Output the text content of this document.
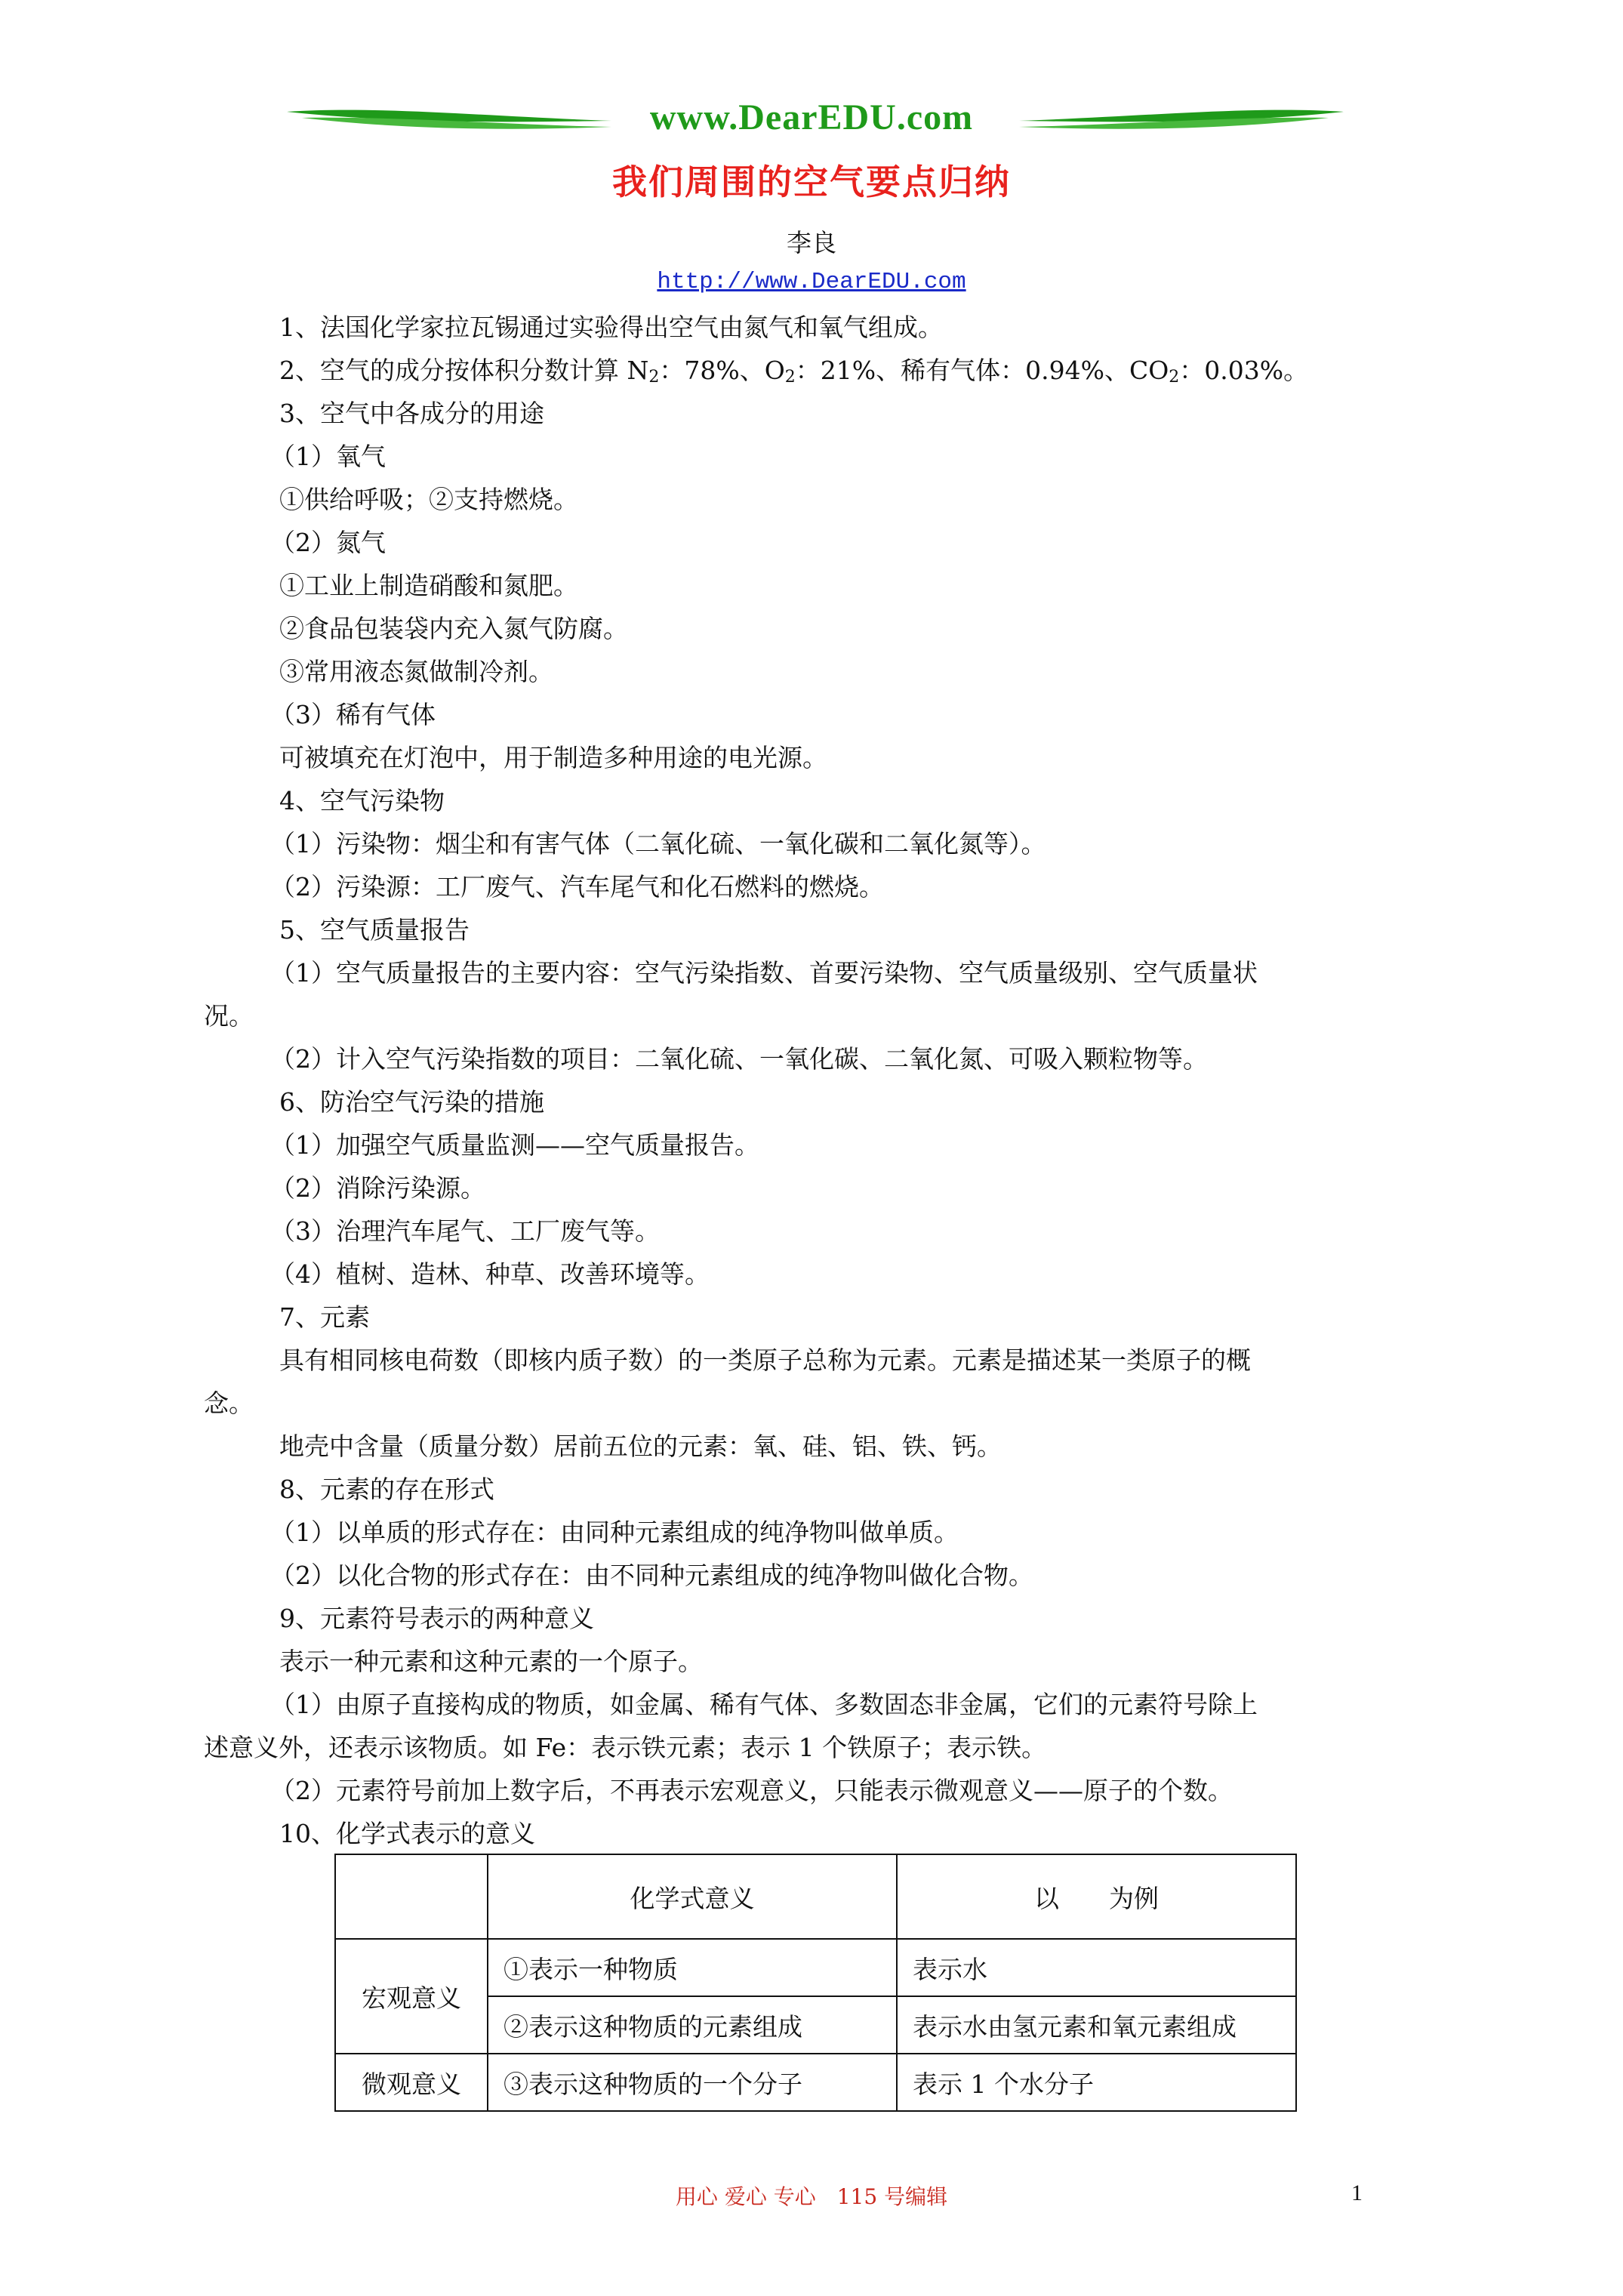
www.DearEDU.com
我们周围的空气要点归纳
李良
http://www.DearEDU.com
1、法国化学家拉瓦锡通过实验得出空气由氮气和氧气组成。
2、空气的成分按体积分数计算 $N_2$：78%、$O_2$：21%、稀有气体：0.94%、$CO_2$：0.03%。
3、空气中各成分的用途
（1）氧气
①供给呼吸；②支持燃烧。
（2）氮气
①工业上制造硝酸和氮肥。
②食品包装袋内充入氮气防腐。
③常用液态氮做制冷剂。
（3）稀有气体
可被填充在灯泡中，用于制造多种用途的电光源。
4、空气污染物
（1）污染物：烟尘和有害气体（二氧化硫、一氧化碳和二氧化氮等）。
（2）污染源：工厂废气、汽车尾气和化石燃料的燃烧。
5、空气质量报告
（1）空气质量报告的主要内容：空气污染指数、首要污染物、空气质量级别、空气质量状
况。
（2）计入空气污染指数的项目：二氧化硫、一氧化碳、二氧化氮、可吸入颗粒物等。
6、防治空气污染的措施
（1）加强空气质量监测——空气质量报告。
（2）消除污染源。
（3）治理汽车尾气、工厂废气等。
（4）植树、造林、种草、改善环境等。
7、元素
具有相同核电荷数（即核内质子数）的一类原子总称为元素。元素是描述某一类原子的概
念。
地壳中含量（质量分数）居前五位的元素：氧、硅、铝、铁、钙。
8、元素的存在形式
（1）以单质的形式存在：由同种元素组成的纯净物叫做单质。
（2）以化合物的形式存在：由不同种元素组成的纯净物叫做化合物。
9、元素符号表示的两种意义
表示一种元素和这种元素的一个原子。
（1）由原子直接构成的物质，如金属、稀有气体、多数固态非金属，它们的元素符号除上
述意义外，还表示该物质。如 Fe：表示铁元素；表示 1 个铁原子；表示铁。
（2）元素符号前加上数字后，不再表示宏观意义，只能表示微观意义——原子的个数。
10、化学式表示的意义
	化学式意义	以　　为例
宏观意义	①表示一种物质	表示水
	②表示这种物质的元素组成	表示水由氢元素和氧元素组成
微观意义	③表示这种物质的一个分子	表示 1 个水分子
用心 爱心 专心　115 号编辑	1
